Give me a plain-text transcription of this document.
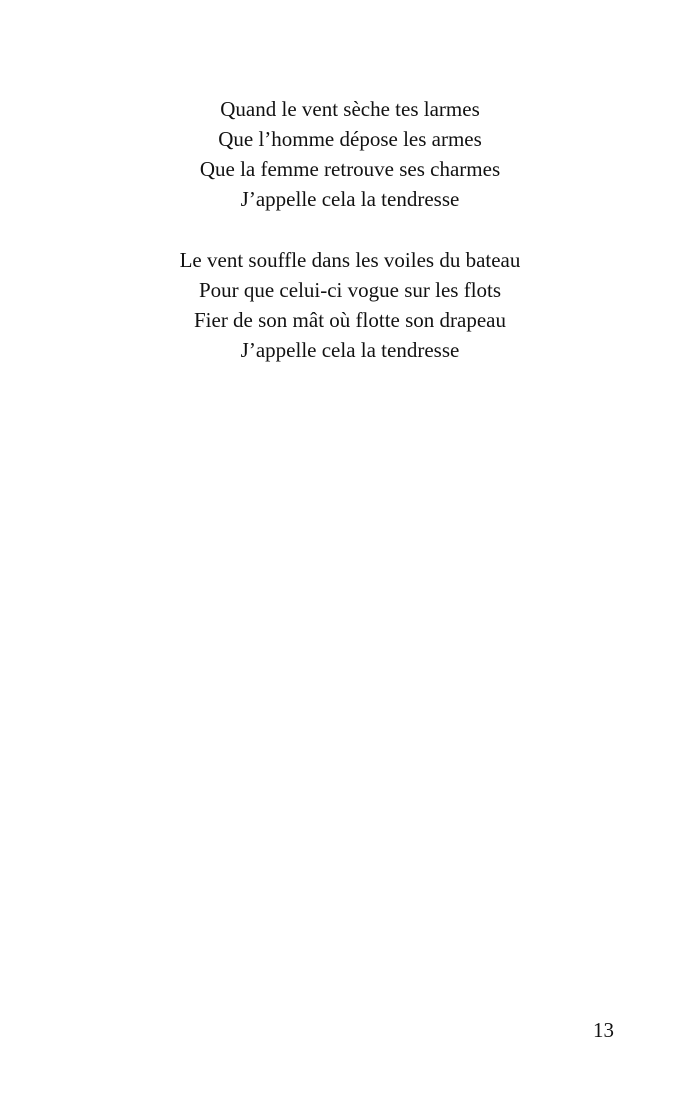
Quand le vent sèche tes larmes
Que l’homme dépose les armes
Que la femme retrouve ses charmes
J’appelle cela la tendresse
Le vent souffle dans les voiles du bateau
Pour que celui-ci vogue sur les flots
Fier de son mât où flotte son drapeau
J’appelle cela la tendresse
13
